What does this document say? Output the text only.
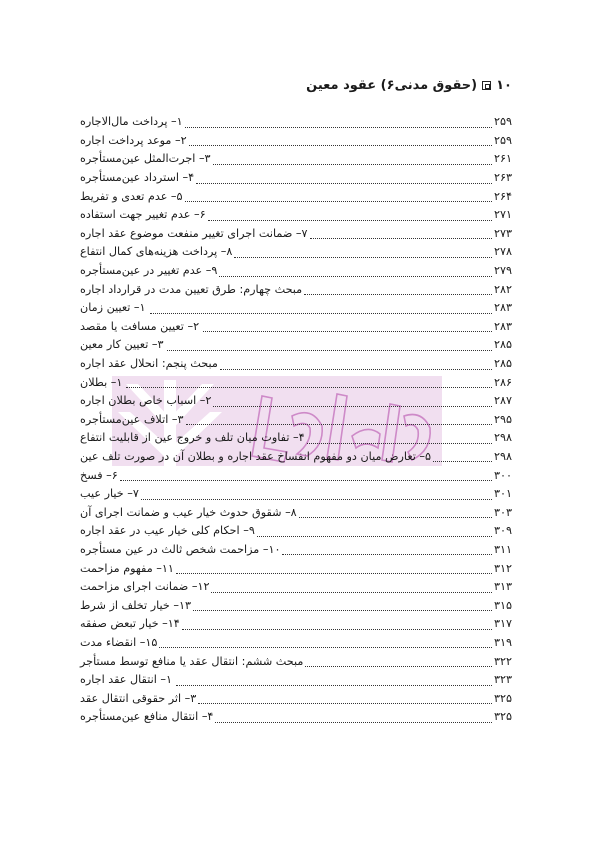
۱۰
(حقوق مدنی۶) عقود معین
۱– پرداخت مال‌الاجاره	۲۵۹
۲– موعد پرداخت اجاره	۲۵۹
۳– اجرت‌المثل عین‌مستأجره	۲۶۱
۴– استرداد عین‌مستأجره	۲۶۳
۵– عدم تعدی و تفریط	۲۶۴
۶– عدم تغییر جهت استفاده	۲۷۱
۷– ضمانت اجرای تغییر منفعت موضوع عقد اجاره	۲۷۳
۸– پرداخت هزینه‌های کمال انتفاع	۲۷۸
۹– عدم تغییر در عین‌مستأجره	۲۷۹
مبحث چهارم: طرق تعیین مدت در قرارداد اجاره	۲۸۲
۱– تعیین زمان	۲۸۳
۲– تعیین مسافت یا مقصد	۲۸۳
۳– تعیین کار معین	۲۸۵
مبحث پنجم: انحلال عقد اجاره	۲۸۵
۱– بطلان	۲۸۶
۲– اسباب خاص بطلان اجاره	۲۸۷
۳– اتلاف عین‌مستأجره	۲۹۵
۴– تفاوت میان تلف و خروج عین از قابلیت انتفاع	۲۹۸
۵– تعارض میان دو مفهوم انفساخ عقد اجاره و بطلان آن در صورت تلف عین	۲۹۸
۶– فسخ	۳۰۰
۷– خیار عیب	۳۰۱
۸– شقوق حدوث خیار عیب و ضمانت اجرای آن	۳۰۳
۹– احکام کلی خیار عیب در عقد اجاره	۳۰۹
۱۰– مزاحمت شخص ثالث در عین مستأجره	۳۱۱
۱۱– مفهوم مزاحمت	۳۱۲
۱۲– ضمانت اجرای مزاحمت	۳۱۳
۱۳– خیار تخلف از شرط	۳۱۵
۱۴– خیار تبعض صفقه	۳۱۷
۱۵– انقضاء مدت	۳۱۹
مبحث ششم: انتقال عقد یا منافع توسط مستأجر	۳۲۲
۱– انتقال عقد اجاره	۳۲۳
۳– اثر حقوقی انتقال عقد	۳۲۵
۴– انتقال منافع عین‌مستأجره	۳۲۵
